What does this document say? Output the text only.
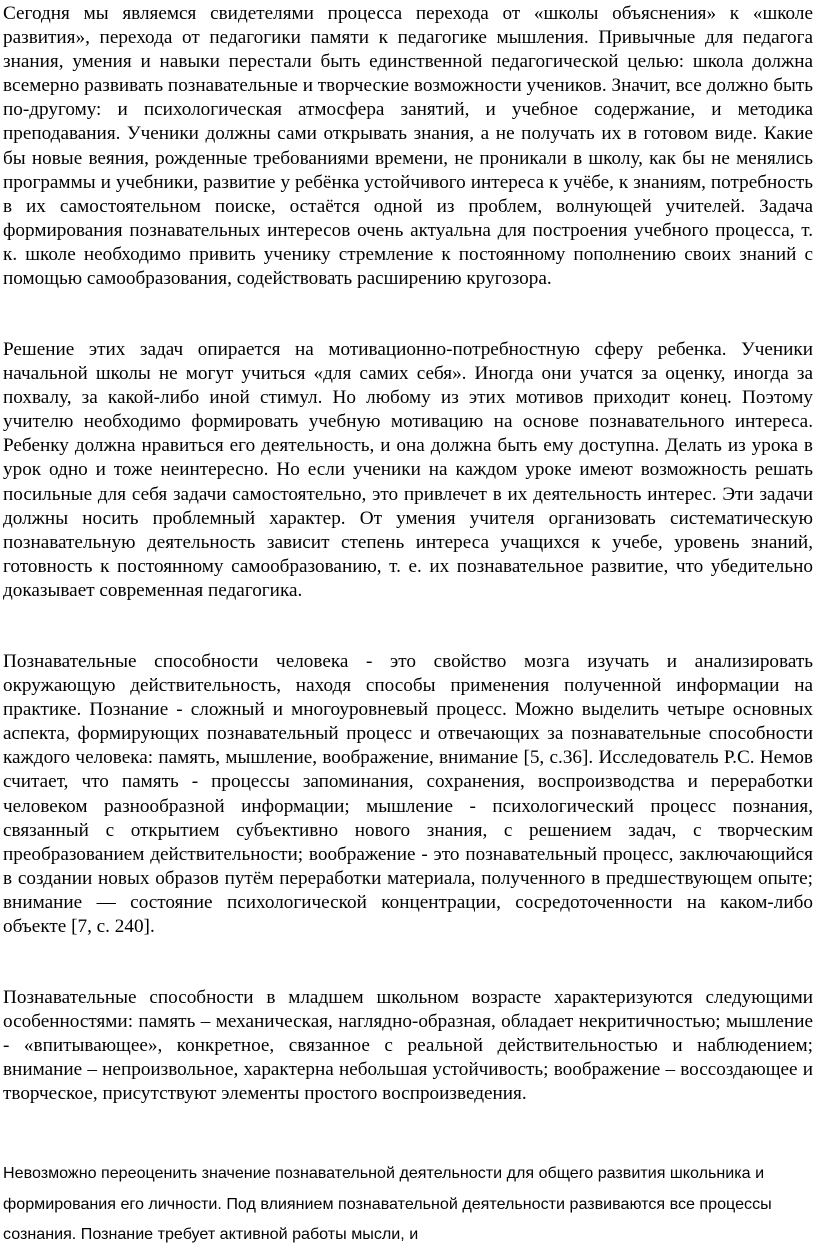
Сегодня мы являемся свидетелями процесса перехода от «школы объяснения» к «школе развития», перехода от педагогики памяти к педагогике мышления. Привычные для педагога знания, умения и навыки перестали быть единственной педагогической целью: школа должна всемерно развивать познавательные и творческие возможности учеников. Значит, все должно быть по-другому: и психологическая атмосфера занятий, и учебное содержание, и методика преподавания. Ученики должны сами открывать знания, а не получать их в готовом виде. Какие бы новые веяния, рожденные требованиями времени, не проникали в школу, как бы не менялись программы и учебники, развитие у ребёнка устойчивого интереса к учёбе, к знаниям, потребность в их самостоятельном поиске, остаётся одной из проблем, волнующей учителей. Задача формирования познавательных интересов очень актуальна для построения учебного процесса, т. к. школе необходимо привить ученику стремление к постоянному пополнению своих знаний с помощью самообразования, содействовать расширению кругозора.

Решение этих задач опирается на мотивационно-потребностную сферу ребенка. Ученики начальной школы не могут учиться «для самих себя». Иногда они учатся за оценку, иногда за похвалу, за какой-либо иной стимул. Но любому из этих мотивов приходит конец. Поэтому учителю необходимо формировать учебную мотивацию на основе познавательного интереса. Ребенку должна нравиться его деятельность, и она должна быть ему доступна. Делать из урока в урок одно и тоже неинтересно. Но если ученики на каждом уроке имеют возможность решать посильные для себя задачи самостоятельно, это привлечет в их деятельность интерес. Эти задачи должны носить проблемный характер. От умения учителя организовать систематическую познавательную деятельность зависит степень интереса учащихся к учебе, уровень знаний, готовность к постоянному самообразованию, т. е. их познавательное развитие, что убедительно доказывает современная педагогика.

Познавательные способности человека - это свойство мозга изучать и анализировать окружающую действительность, находя способы применения полученной информации на практике. Познание - сложный и многоуровневый процесс. Можно выделить четыре основных аспекта, формирующих познавательный процесс и отвечающих за познавательные способности каждого человека: память, мышление, воображение, внимание [5, с.36]. Исследователь Р.С. Немов считает, что память - процессы запоминания, сохранения, воспроизводства и переработки человеком разнообразной информации; мышление - психологический процесс познания, связанный с открытием субъективно нового знания, с решением задач, с творческим преобразованием действительности; воображение - это познавательный процесс, заключающийся в создании новых образов путём переработки материала, полученного в предшествующем опыте; внимание — состояние психологической концентрации, сосредоточенности на каком-либо объекте [7, с. 240].

Познавательные способности в младшем школьном возрасте характеризуются следующими особенностями: память – механическая, наглядно-образная, обладает некритичностью; мышление - «впитывающее», конкретное, связанное с реальной действительностью и наблюдением; внимание – непроизвольное, характерна небольшая устойчивость; воображение – воссоздающее и творческое, присутствуют элементы простого воспроизведения.

Невозможно переоценить значение познавательной деятельности для общего развития школьника и формирования его личности. Под влиянием познавательной деятельности развиваются все процессы сознания. Познание требует активной работы мысли, и
